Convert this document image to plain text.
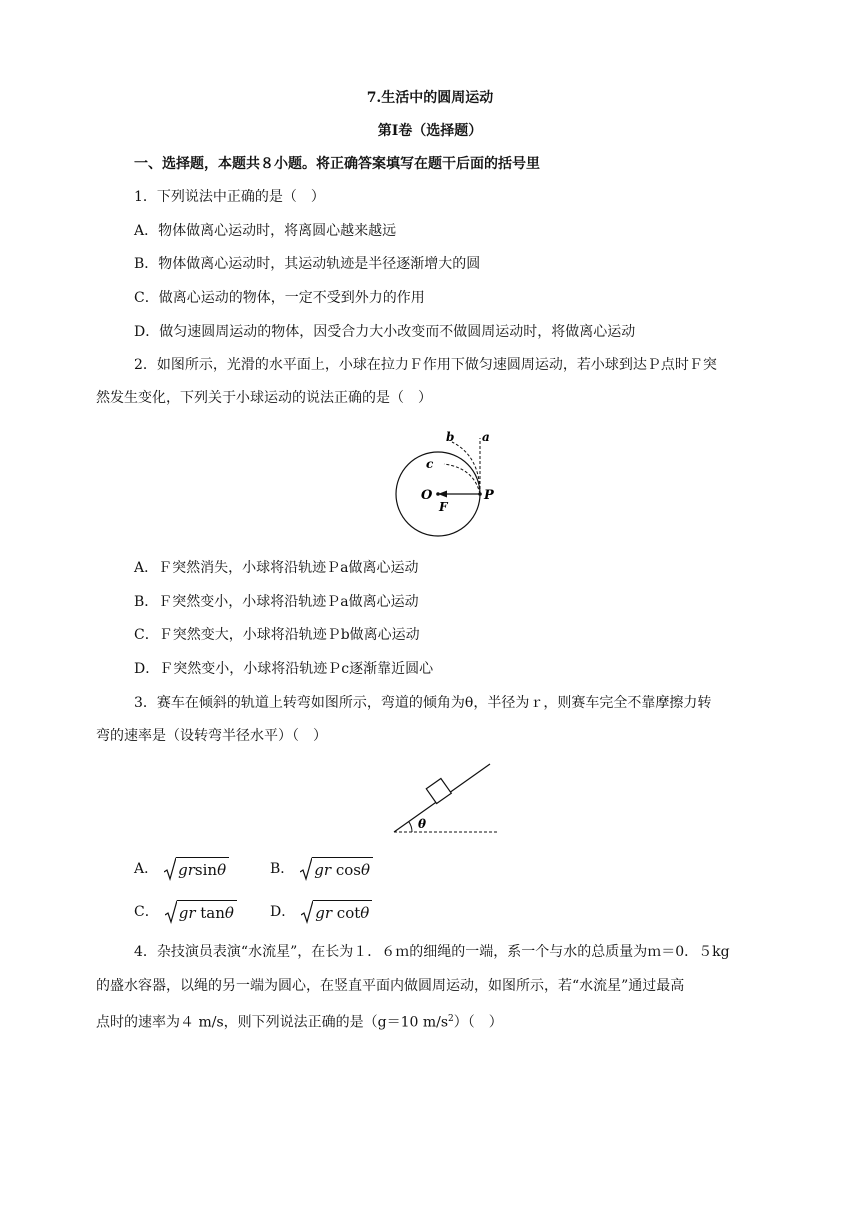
7.生活中的圆周运动
第Ⅰ卷（选择题）
一、选择题，本题共８小题。将正确答案填写在题干后面的括号里
1．下列说法中正确的是（　）
A．物体做离心运动时，将离圆心越来越远
B．物体做离心运动时，其运动轨迹是半径逐渐增大的圆
C．做离心运动的物体，一定不受到外力的作用
D．做匀速圆周运动的物体，因受合力大小改变而不做圆周运动时，将做离心运动
2．如图所示，光滑的水平面上，小球在拉力Ｆ作用下做匀速圆周运动，若小球到达Ｐ点时Ｆ突
然发生变化，下列关于小球运动的说法正确的是（　）
a
b
c
O	P
F
A．Ｆ突然消失，小球将沿轨迹Ｐa做离心运动
B．Ｆ突然变小，小球将沿轨迹Ｐa做离心运动
C．Ｆ突然变大，小球将沿轨迹Ｐb做离心运动
D．Ｆ突然变小，小球将沿轨迹Ｐc逐渐靠近圆心
3．赛车在倾斜的轨道上转弯如图所示，弯道的倾角为θ，半径为ｒ，则赛车完全不靠摩擦力转
弯的速率是（设转弯半径水平）（　）
θ
A． grsinθ	B． gr cosθ
C． gr tanθ	D． gr cotθ
4．杂技演员表演“水流星”，在长为１．６ｍ的细绳的一端，系一个与水的总质量为ｍ＝0．５kg
的盛水容器，以绳的另一端为圆心，在竖直平面内做圆周运动，如图所示，若“水流星”通过最高
点时的速率为４ m/s，则下列说法正确的是（g＝10 $m/s^2$）（　）
